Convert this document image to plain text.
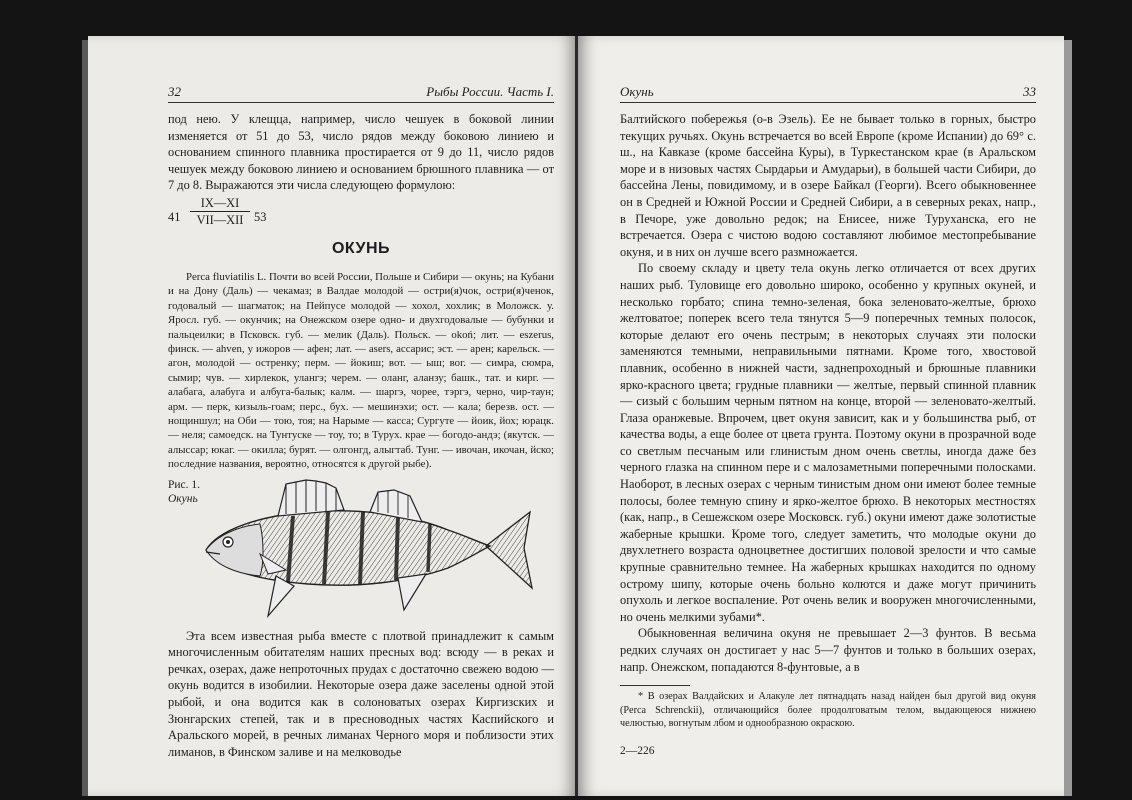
32	Рыбы России. Часть I.

под нею. У клещца, например, число чешуек в боковой линии изменяется от 51 до 53, число рядов между боковою линиею и основанием спинного плавника простирается от 9 до 11, число рядов чешуек между боковою линиею и основанием брюшного плавника — от 7 до 8. Выражаются эти числа следующею формулою:

41
IX—XI
VII—XII 53
ОКУНЬ

Perca fluviatilis L. Почти во всей России, Польше и Сибири — окунь; на Кубани и на Дону (Даль) — чекамаз; в Валдае молодой — остри(я)чок, остри(я)ченок, годовалый — шагматок; на Пейпусе молодой — хохол, хохлик; в Моложск. у. Яросл. губ. — окунчик; на Онежском озере одно- и двухгодовалые — бубунки и пальцеилки; в Псковск. губ. — мелик (Даль). Польск. — okoń; лит. — eszerus, финск. — ahven, у ижоров — афен; лат. — asers, ассарис; эст. — арен; карельск. — агон, молодой — остренку; перм. — йокиш; вот. — ыш; вог. — симра, сюмра, сымир; чув. — хирлекок, улангэ; черем. — оланг, аланзу; башк., тат. и кирг. — алабага, алабуга и албуга-балык; калм. — шаргэ, чорее, тэргэ, черно, чир-таун; арм. — перк, кизыль-гоам; перс., бух. — мешинэхи; ост. — кала; березв. ост. — нощиншул; на Оби — тою, тоя; на Нарыме — касса; Сургуте — йоик, йох; юрацк. — неля; самоедск. на Тунтуске — тоу, то; в Турух. крае — богодо-андэ; (якутск. — алыссар; юкаг. — окилла; бурят. — олгонгд, алыгтаб. Тунг. — ивочан, икочан, йско; последние названия, вероятно, относятся к другой рыбе).

Рис. 1.
Окунь

Эта всем известная рыба вместе с плотвой принадлежит к самым многочисленным обитателям наших пресных вод: всюду — в реках и речках, озерах, даже непроточных прудах с достаточно свежею водою — окунь водится в изобилии. Некоторые озера даже заселены одной этой рыбой, и она водится как в солоноватых озерах Киргизских и Зюнгарских степей, так и в пресноводных частях Каспийского и Аральского морей, в речных лиманах Черного моря и поблизости этих лиманов, в Финском заливе и на мелководье

Окунь	33

Балтийского побережья (о-в Эзель). Ее не бывает только в горных, быстро текущих ручьях. Окунь встречается во всей Европе (кроме Испании) до 69° с. ш., на Кавказе (кроме бассейна Куры), в Туркестанском крае (в Аральском море и в низовых частях Сырдарьи и Амударьи), в большей части Сибири, до бассейна Лены, повидимому, и в озере Байкал (Георги). Всего обыкновеннее он в Средней и Южной России и Средней Сибири, а в северных реках, напр., в Печоре, уже довольно редок; на Енисее, ниже Туруханска, его не встречается. Озера с чистою водою составляют любимое местопребывание окуня, и в них он лучше всего размножается.

По своему складу и цвету тела окунь легко отличается от всех других наших рыб. Туловище его довольно широко, особенно у крупных окуней, и несколько горбато; спина темно-зеленая, бока зеленовато-желтые, брюхо желтоватое; поперек всего тела тянутся 5—9 поперечных темных полосок, которые делают его очень пестрым; в некоторых случаях эти полоски заменяются темными, неправильными пятнами. Кроме того, хвостовой плавник, особенно в нижней части, заднепроходный и брюшные плавники ярко-красного цвета; грудные плавники — желтые, первый спинной плавник — сизый с большим черным пятном на конце, второй — зеленовато-желтый. Глаза оранжевые. Впрочем, цвет окуня зависит, как и у большинства рыб, от качества воды, а еще более от цвета грунта. Поэтому окуни в прозрачной воде со светлым песчаным или глинистым дном очень светлы, иногда даже без черного глазка на спинном пере и с малозаметными поперечными полосками. Наоборот, в лесных озерах с черным тинистым дном они имеют более темные полосы, более темную спину и ярко-желтое брюхо. В некоторых местностях (как, напр., в Сешежском озере Московск. губ.) окуни имеют даже золотистые жаберные крышки. Кроме того, следует заметить, что молодые окуни до двухлетнего возраста одноцветнее достигших половой зрелости и что самые крупные сравнительно темнее. На жаберных крышках находится по одному острому шипу, которые очень больно колются и даже могут причинить опухоль и легкое воспаление. Рот очень велик и вооружен многочисленными, но очень мелкими зубами*.

Обыкновенная величина окуня не превышает 2—3 фунтов. В весьма редких случаях он достигает у нас 5—7 фунтов и только в больших озерах, напр. Онежском, попадаются 8-фунтовые, а в

* В озерах Валдайских и Алакуле лет пятнадцать назад найден был другой вид окуня (Perca Schrenckii), отличающийся более продолговатым телом, выдающеюся нижнею челюстью, вогнутым лбом и однообразною окраскою.

2—226
